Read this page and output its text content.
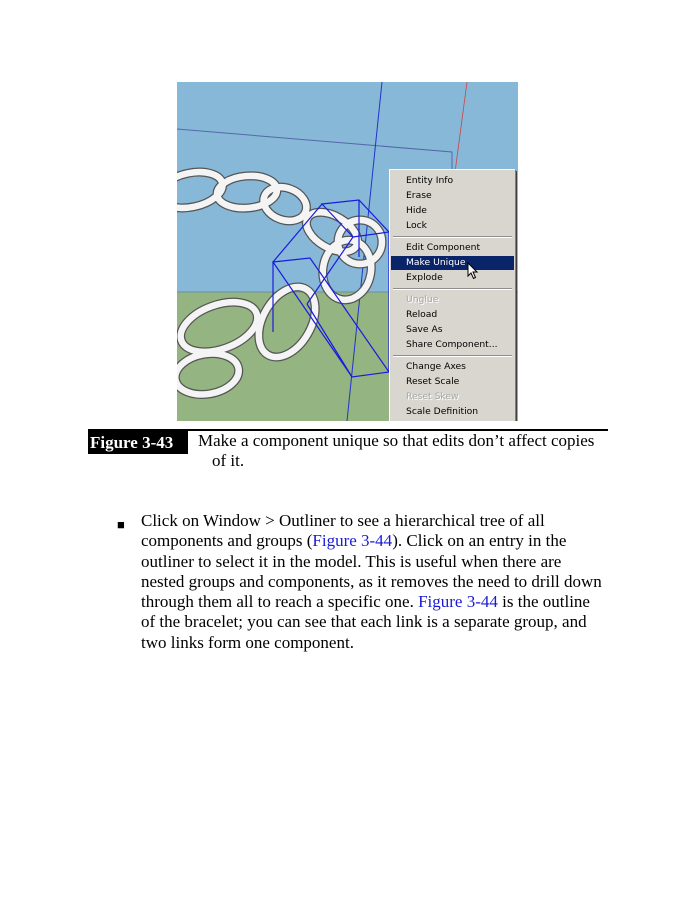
Entity Info
Erase
Hide
Lock
Edit Component
Make Unique
Explode
Unglue
Reload
Save As
Share Component...
Change Axes
Reset Scale
Reset Skew
Scale Definition
Figure 3-43	Make a component unique so that edits don’t affect copies
of it.
■ Click on Window > Outliner to see a hierarchical tree of all
components and groups (Figure 3-44). Click on an entry in the
outliner to select it in the model. This is useful when there are
nested groups and components, as it removes the need to drill down
through them all to reach a specific one. Figure 3-44 is the outline
of the bracelet; you can see that each link is a separate group, and
two links form one component.
